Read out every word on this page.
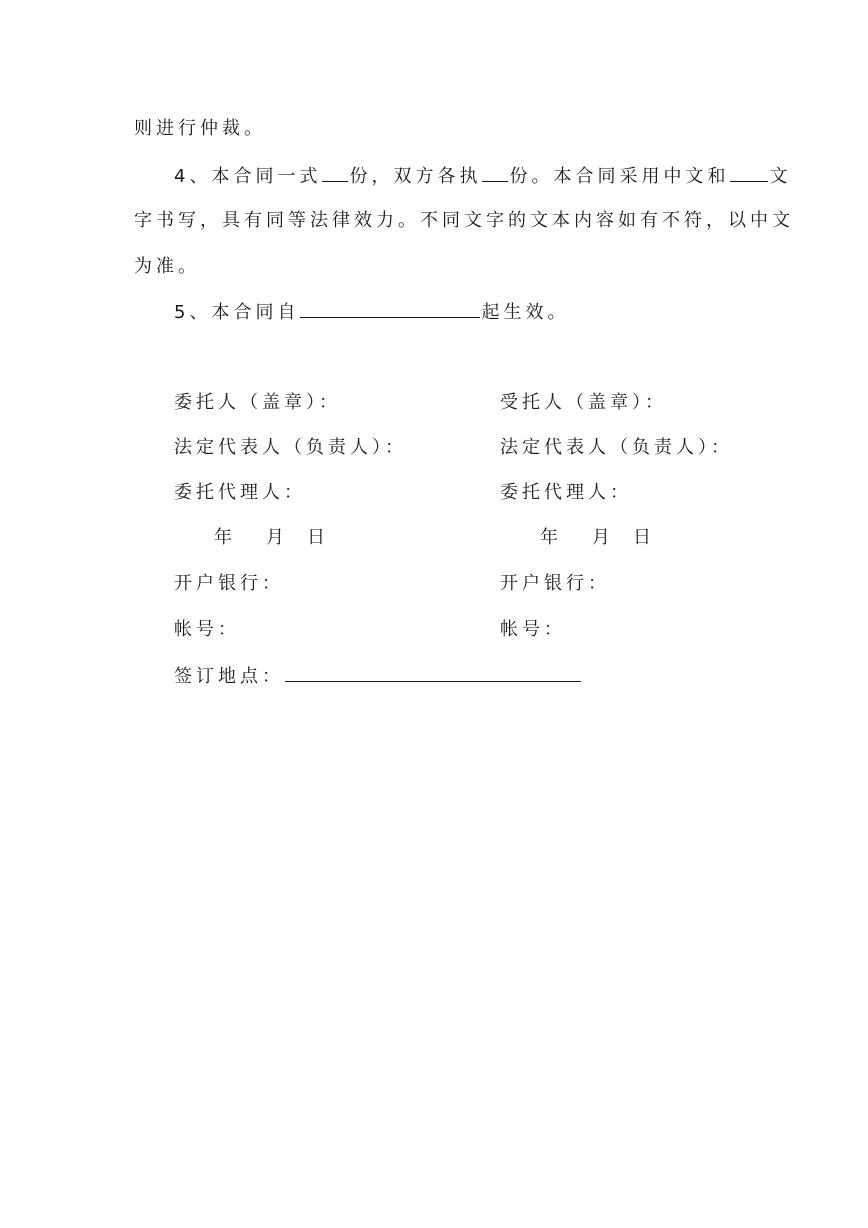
则进行仲裁。
4、本合同一式 份，双方各执 份。本合同采用中文和 文
字书写，具有同等法律效力。不同文字的文本内容如有不符，以中文
为准。
5、本合同自	起生效。
委托人（盖章）：	受托人（盖章）：
法定代表人（负责人）：	法定代表人（负责人）：
委托代理人：	委托代理人：
年 月 日	年 月 日
开户银行：	开户银行：
帐号：	帐号：
签订地点：
